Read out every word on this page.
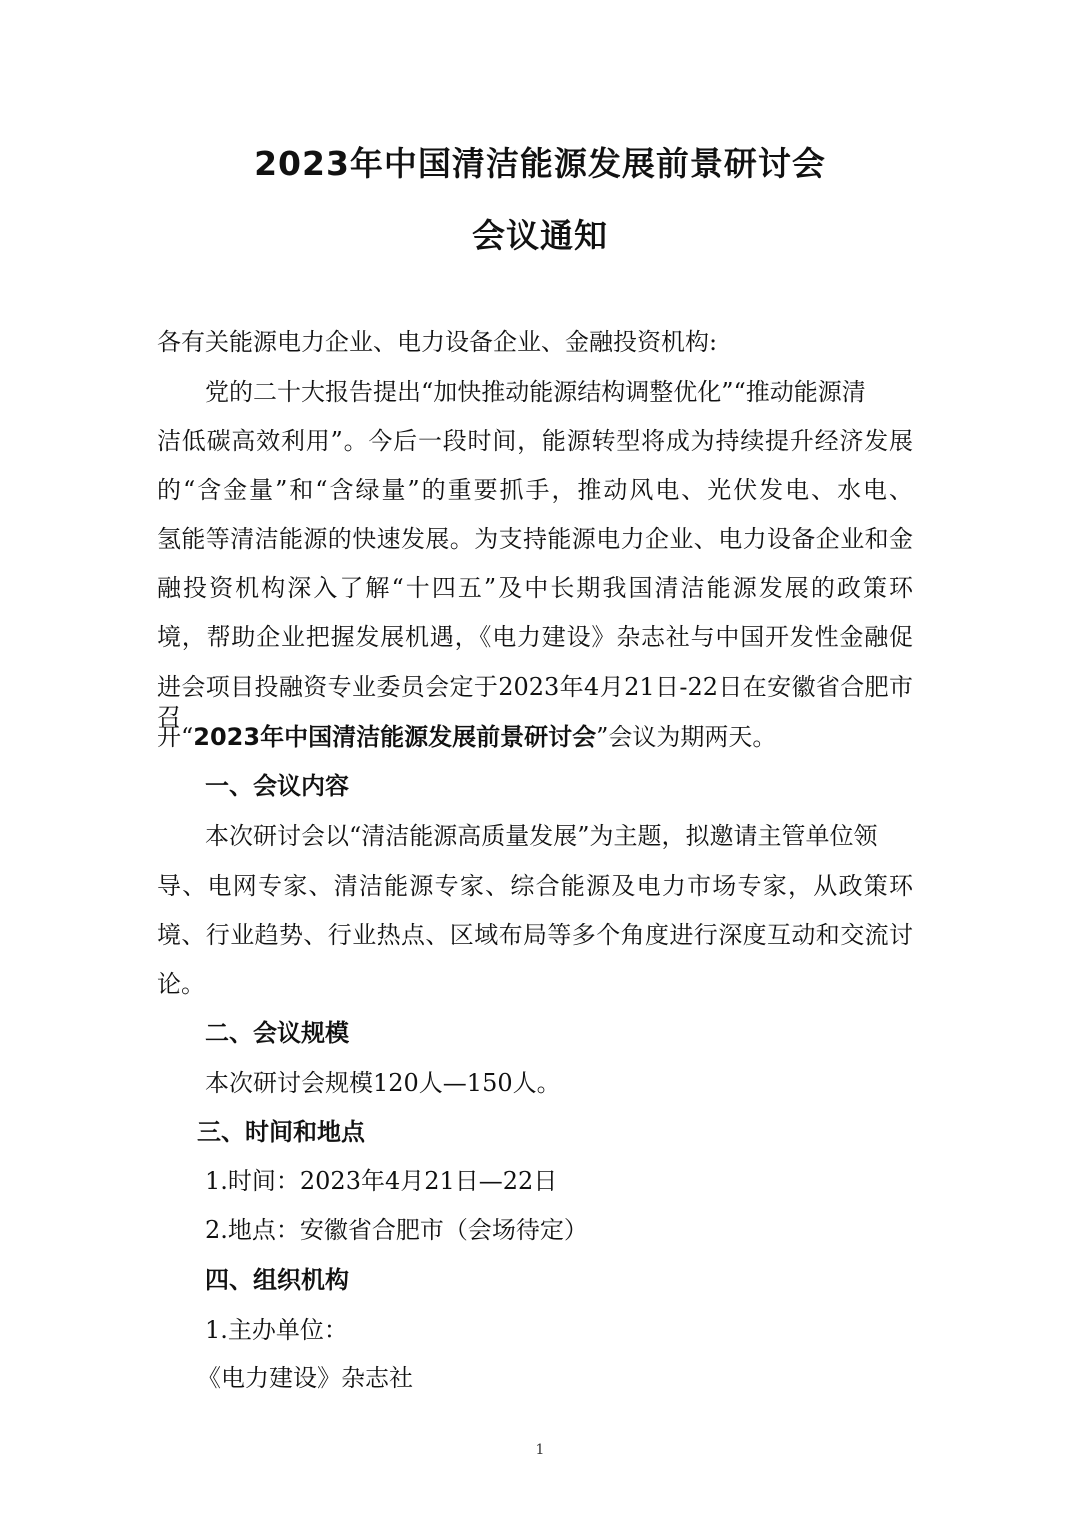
2023年中国清洁能源发展前景研讨会
会议通知
各有关能源电力企业、电力设备企业、金融投资机构:
党的二十大报告提出“加快推动能源结构调整优化”“推动能源清
洁低碳高效利用”。今后一段时间，能源转型将成为持续提升经济发展
的“含金量”和“含绿量”的重要抓手，推动风电、光伏发电、水电、
氢能等清洁能源的快速发展。为支持能源电力企业、电力设备企业和金
融投资机构深入了解“十四五”及中长期我国清洁能源发展的政策环
境，帮助企业把握发展机遇，《电力建设》杂志社与中国开发性金融促
进会项目投融资专业委员会定于2023年4月21日-22日在安徽省合肥市召
开“2023年中国清洁能源发展前景研讨会”会议为期两天。
一、会议内容
本次研讨会以“清洁能源高质量发展”为主题，拟邀请主管单位领
导、电网专家、清洁能源专家、综合能源及电力市场专家，从政策环
境、行业趋势、行业热点、区域布局等多个角度进行深度互动和交流讨
论。
二、会议规模
本次研讨会规模120人—150人。
三、时间和地点
1.时间：2023年4月21日—22日
2.地点：安徽省合肥市（会场待定）
四、组织机构
1.主办单位：
《电力建设》杂志社
1
